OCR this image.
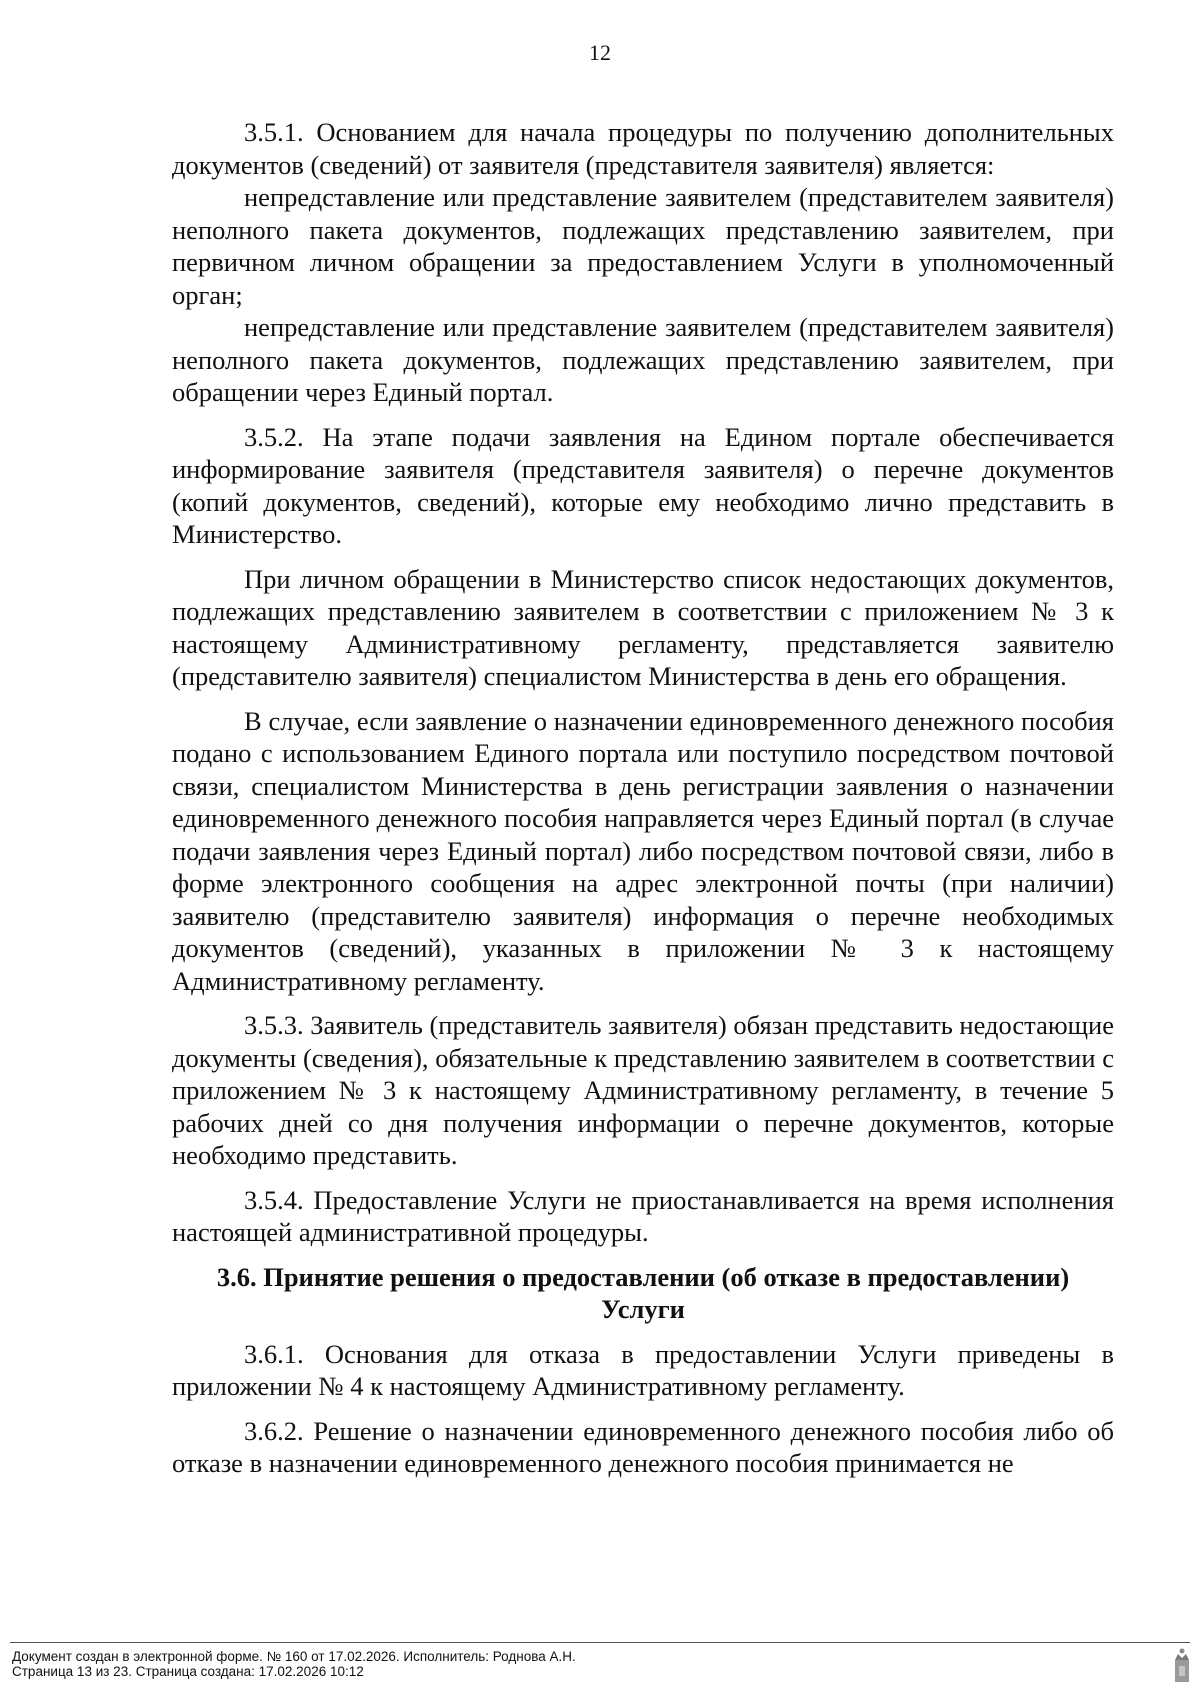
12

3.5.1. Основанием для начала процедуры по получению дополнительных документов (сведений) от заявителя (представителя заявителя) является:

непредставление или представление заявителем (представителем заявителя) неполного пакета документов, подлежащих представлению заявителем, при первичном личном обращении за предоставлением Услуги в уполномоченный орган;

непредставление или представление заявителем (представителем заявителя) неполного пакета документов, подлежащих представлению заявителем, при обращении через Единый портал.

3.5.2. На этапе подачи заявления на Едином портале обеспечивается информирование заявителя (представителя заявителя) о перечне документов (копий документов, сведений), которые ему необходимо лично представить в Министерство.

При личном обращении в Министерство список недостающих документов, подлежащих представлению заявителем в соответствии с приложением № 3 к настоящему Административному регламенту, представляется заявителю (представителю заявителя) специалистом Министерства в день его обращения.

В случае, если заявление о назначении единовременного денежного пособия подано с использованием Единого портала или поступило посредством почтовой связи, специалистом Министерства в день регистрации заявления о назначении единовременного денежного пособия направляется через Единый портал (в случае подачи заявления через Единый портал) либо посредством почтовой связи, либо в форме электронного сообщения на адрес электронной почты (при наличии) заявителю (представителю заявителя) информация о перечне необходимых документов (сведений), указанных в приложении № 3 к настоящему Административному регламенту.

3.5.3. Заявитель (представитель заявителя) обязан представить недостающие документы (сведения), обязательные к представлению заявителем в соответствии с приложением № 3 к настоящему Административному регламенту, в течение 5 рабочих дней со дня получения информации о перечне документов, которые необходимо представить.

3.5.4. Предоставление Услуги не приостанавливается на время исполнения настоящей административной процедуры.

3.6. Принятие решения о предоставлении (об отказе в предоставлении) Услуги

3.6.1. Основания для отказа в предоставлении Услуги приведены в приложении № 4 к настоящему Административному регламенту.

3.6.2. Решение о назначении единовременного денежного пособия либо об отказе в назначении единовременного денежного пособия принимается не

Документ создан в электронной форме. № 160 от 17.02.2026. Исполнитель: Роднова А.Н.
Страница 13 из 23. Страница создана: 17.02.2026 10:12
